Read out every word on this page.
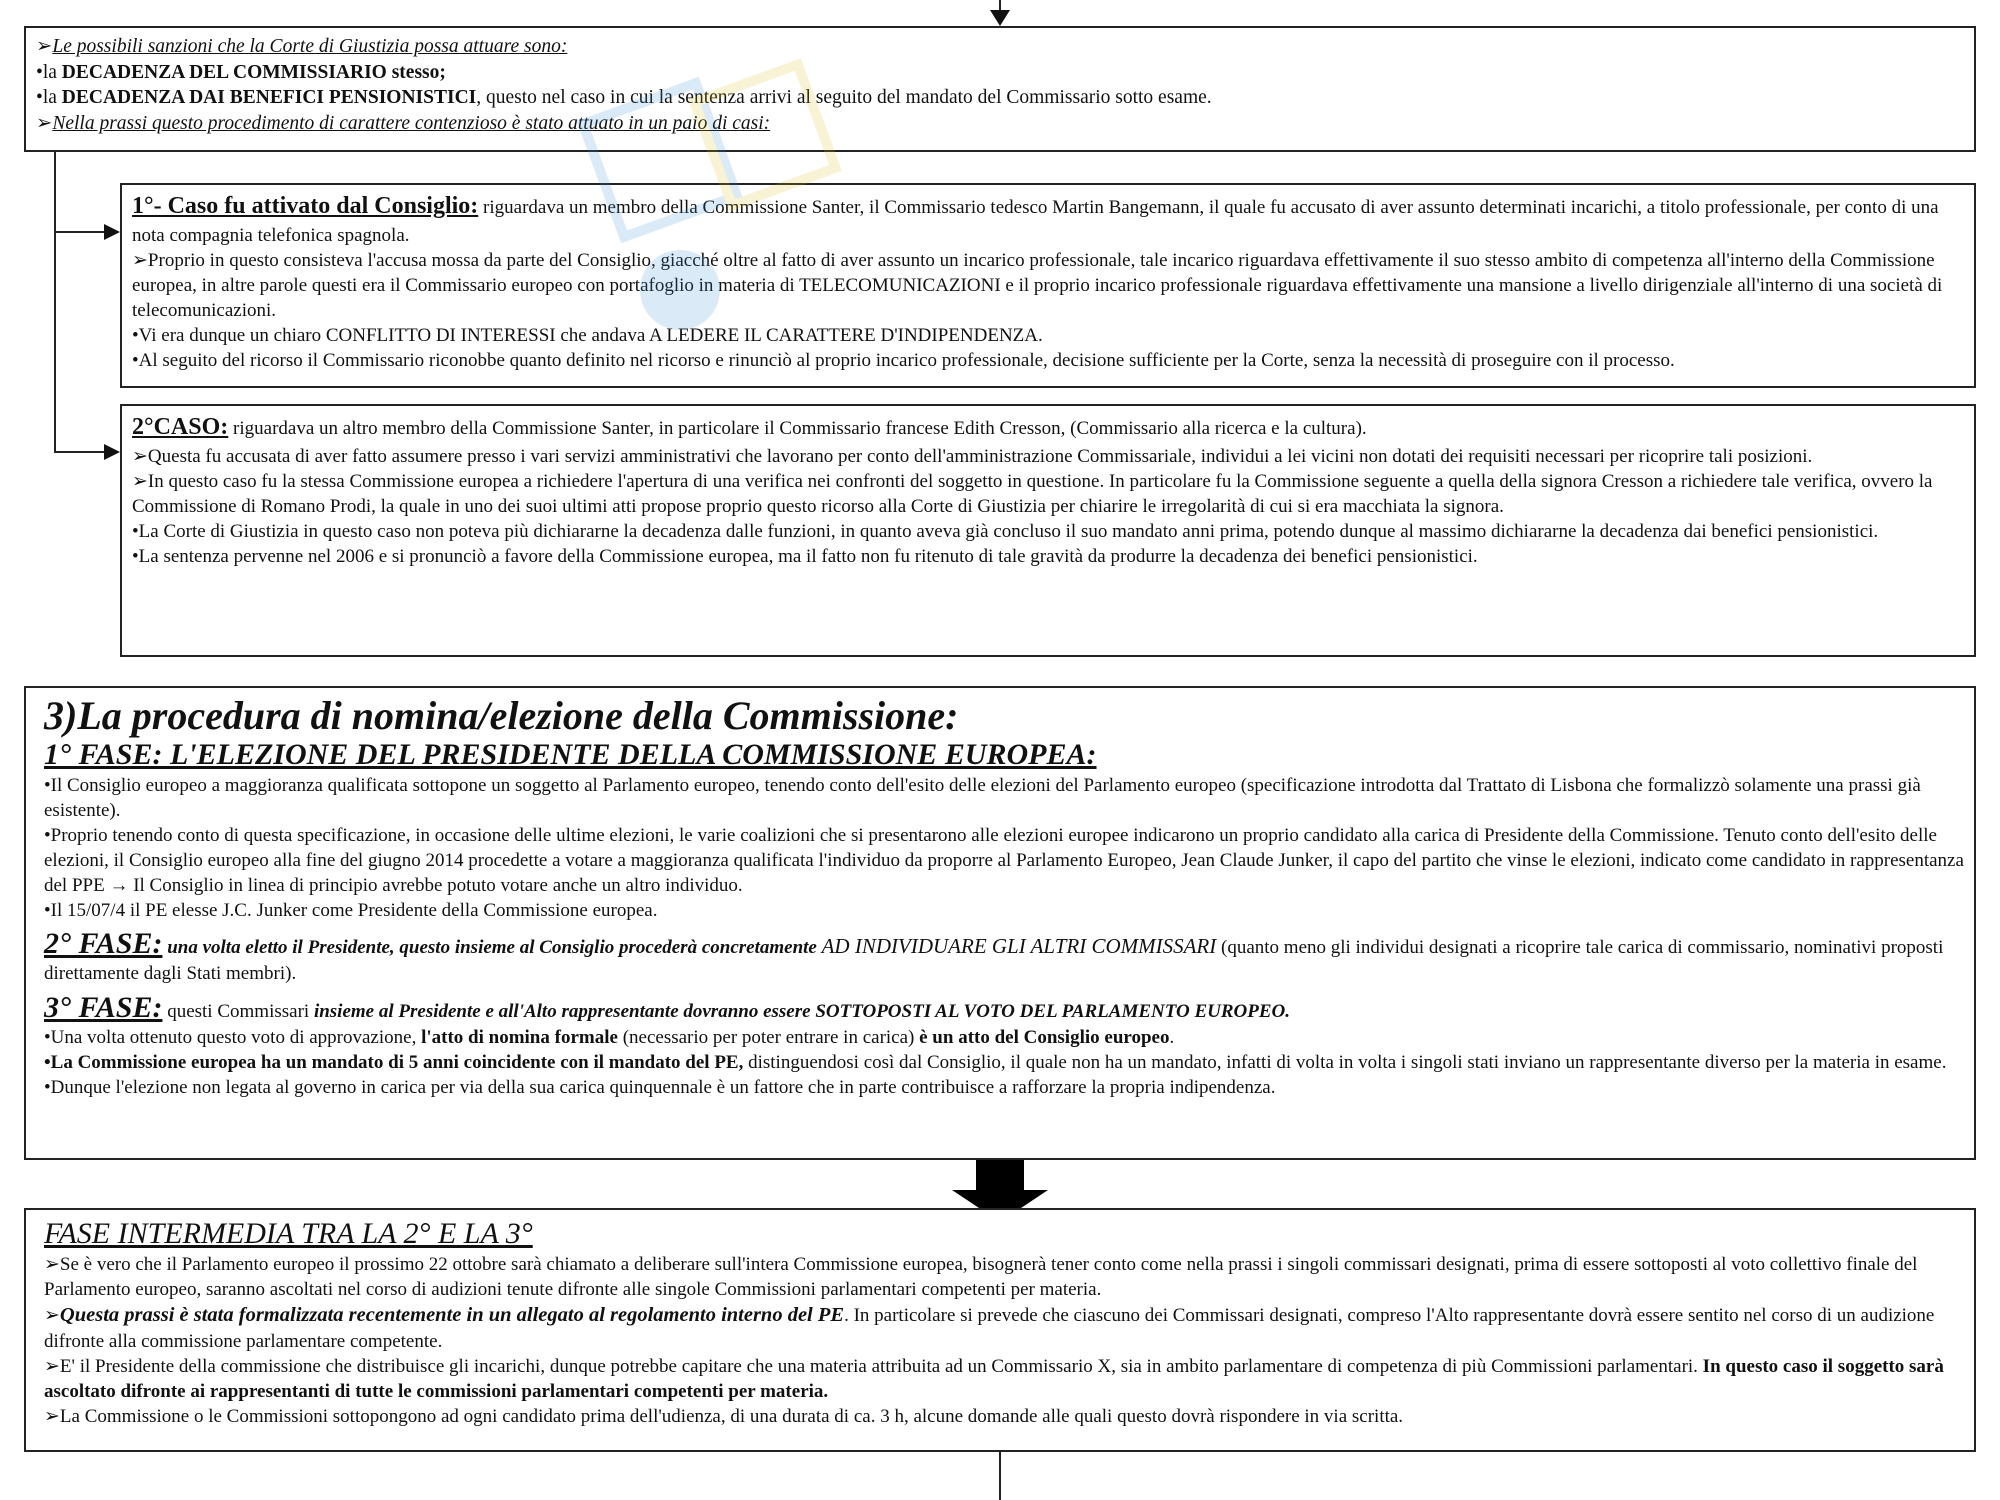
➢Le possibili sanzioni che la Corte di Giustizia possa attuare sono:

•la DECADENZA DEL COMMISSIARIO stesso;

•la DECADENZA DAI BENEFICI PENSIONISTICI, questo nel caso in cui la sentenza arrivi al seguito del mandato del Commissario sotto esame.

➢Nella prassi questo procedimento di carattere contenzioso è stato attuato in un paio di casi:

1°- Caso fu attivato dal Consiglio: riguardava un membro della Commissione Santer, il Commissario tedesco Martin Bangemann, il quale fu accusato di aver assunto determinati incarichi, a titolo professionale, per conto di una nota compagnia telefonica spagnola.

➢Proprio in questo consisteva l'accusa mossa da parte del Consiglio, giacché oltre al fatto di aver assunto un incarico professionale, tale incarico riguardava effettivamente il suo stesso ambito di competenza all'interno della Commissione europea, in altre parole questi era il Commissario europeo con portafoglio in materia di TELECOMUNICAZIONI e il proprio incarico professionale riguardava effettivamente una mansione a livello dirigenziale all'interno di una società di telecomunicazioni.

•Vi era dunque un chiaro CONFLITTO DI INTERESSI che andava A LEDERE IL CARATTERE D'INDIPENDENZA.

•Al seguito del ricorso il Commissario riconobbe quanto definito nel ricorso e rinunciò al proprio incarico professionale, decisione sufficiente per la Corte, senza la necessità di proseguire con il processo.

2°CASO: riguardava un altro membro della Commissione Santer, in particolare il Commissario francese Edith Cresson, (Commissario alla ricerca e la cultura).

➢Questa fu accusata di aver fatto assumere presso i vari servizi amministrativi che lavorano per conto dell'amministrazione Commissariale, individui a lei vicini non dotati dei requisiti necessari per ricoprire tali posizioni.

➢In questo caso fu la stessa Commissione europea a richiedere l'apertura di una verifica nei confronti del soggetto in questione. In particolare fu la Commissione seguente a quella della signora Cresson a richiedere tale verifica, ovvero la Commissione di Romano Prodi, la quale in uno dei suoi ultimi atti propose proprio questo ricorso alla Corte di Giustizia per chiarire le irregolarità di cui si era macchiata la signora.

•La Corte di Giustizia in questo caso non poteva più dichiararne la decadenza dalle funzioni, in quanto aveva già concluso il suo mandato anni prima, potendo dunque al massimo dichiararne la decadenza dai benefici pensionistici.

•La sentenza pervenne nel 2006 e si pronunciò a favore della Commissione europea, ma il fatto non fu ritenuto di tale gravità da produrre la decadenza dei benefici pensionistici.

3)La procedura di nomina/elezione della Commissione:

1° FASE: L'ELEZIONE DEL PRESIDENTE DELLA COMMISSIONE EUROPEA:

•Il Consiglio europeo a maggioranza qualificata sottopone un soggetto al Parlamento europeo, tenendo conto dell'esito delle elezioni del Parlamento europeo (specificazione introdotta dal Trattato di Lisbona che formalizzò solamente una prassi già esistente).

•Proprio tenendo conto di questa specificazione, in occasione delle ultime elezioni, le varie coalizioni che si presentarono alle elezioni europee indicarono un proprio candidato alla carica di Presidente della Commissione. Tenuto conto dell'esito delle elezioni, il Consiglio europeo alla fine del giugno 2014 procedette a votare a maggioranza qualificata l'individuo da proporre al Parlamento Europeo, Jean Claude Junker, il capo del partito che vinse le elezioni, indicato come candidato in rappresentanza del PPE → Il Consiglio in linea di principio avrebbe potuto votare anche un altro individuo.

•Il 15/07/4 il PE elesse J.C. Junker come Presidente della Commissione europea.

2° FASE: una volta eletto il Presidente, questo insieme al Consiglio procederà concretamente AD INDIVIDUARE GLI ALTRI COMMISSARI (quanto meno gli individui designati a ricoprire tale carica di commissario, nominativi proposti direttamente dagli Stati membri).

3° FASE: questi Commissari insieme al Presidente e all'Alto rappresentante dovranno essere SOTTOPOSTI AL VOTO DEL PARLAMENTO EUROPEO.

•Una volta ottenuto questo voto di approvazione, l'atto di nomina formale (necessario per poter entrare in carica) è un atto del Consiglio europeo.

•La Commissione europea ha un mandato di 5 anni coincidente con il mandato del PE, distinguendosi così dal Consiglio, il quale non ha un mandato, infatti di volta in volta i singoli stati inviano un rappresentante diverso per la materia in esame.

•Dunque l'elezione non legata al governo in carica per via della sua carica quinquennale è un fattore che in parte contribuisce a rafforzare la propria indipendenza.

FASE INTERMEDIA TRA LA 2° E LA 3°

➢Se è vero che il Parlamento europeo il prossimo 22 ottobre sarà chiamato a deliberare sull'intera Commissione europea, bisognerà tener conto come nella prassi i singoli commissari designati, prima di essere sottoposti al voto collettivo finale del Parlamento europeo, saranno ascoltati nel corso di audizioni tenute difronte alle singole Commissioni parlamentari competenti per materia.

➢Questa prassi è stata formalizzata recentemente in un allegato al regolamento interno del PE. In particolare si prevede che ciascuno dei Commissari designati, compreso l'Alto rappresentante dovrà essere sentito nel corso di un audizione difronte alla commissione parlamentare competente.

➢E' il Presidente della commissione che distribuisce gli incarichi, dunque potrebbe capitare che una materia attribuita ad un Commissario X, sia in ambito parlamentare di competenza di più Commissioni parlamentari. In questo caso il soggetto sarà ascoltato difronte ai rappresentanti di tutte le commissioni parlamentari competenti per materia.

➢La Commissione o le Commissioni sottopongono ad ogni candidato prima dell'udienza, di una durata di ca. 3 h, alcune domande alle quali questo dovrà rispondere in via scritta.
